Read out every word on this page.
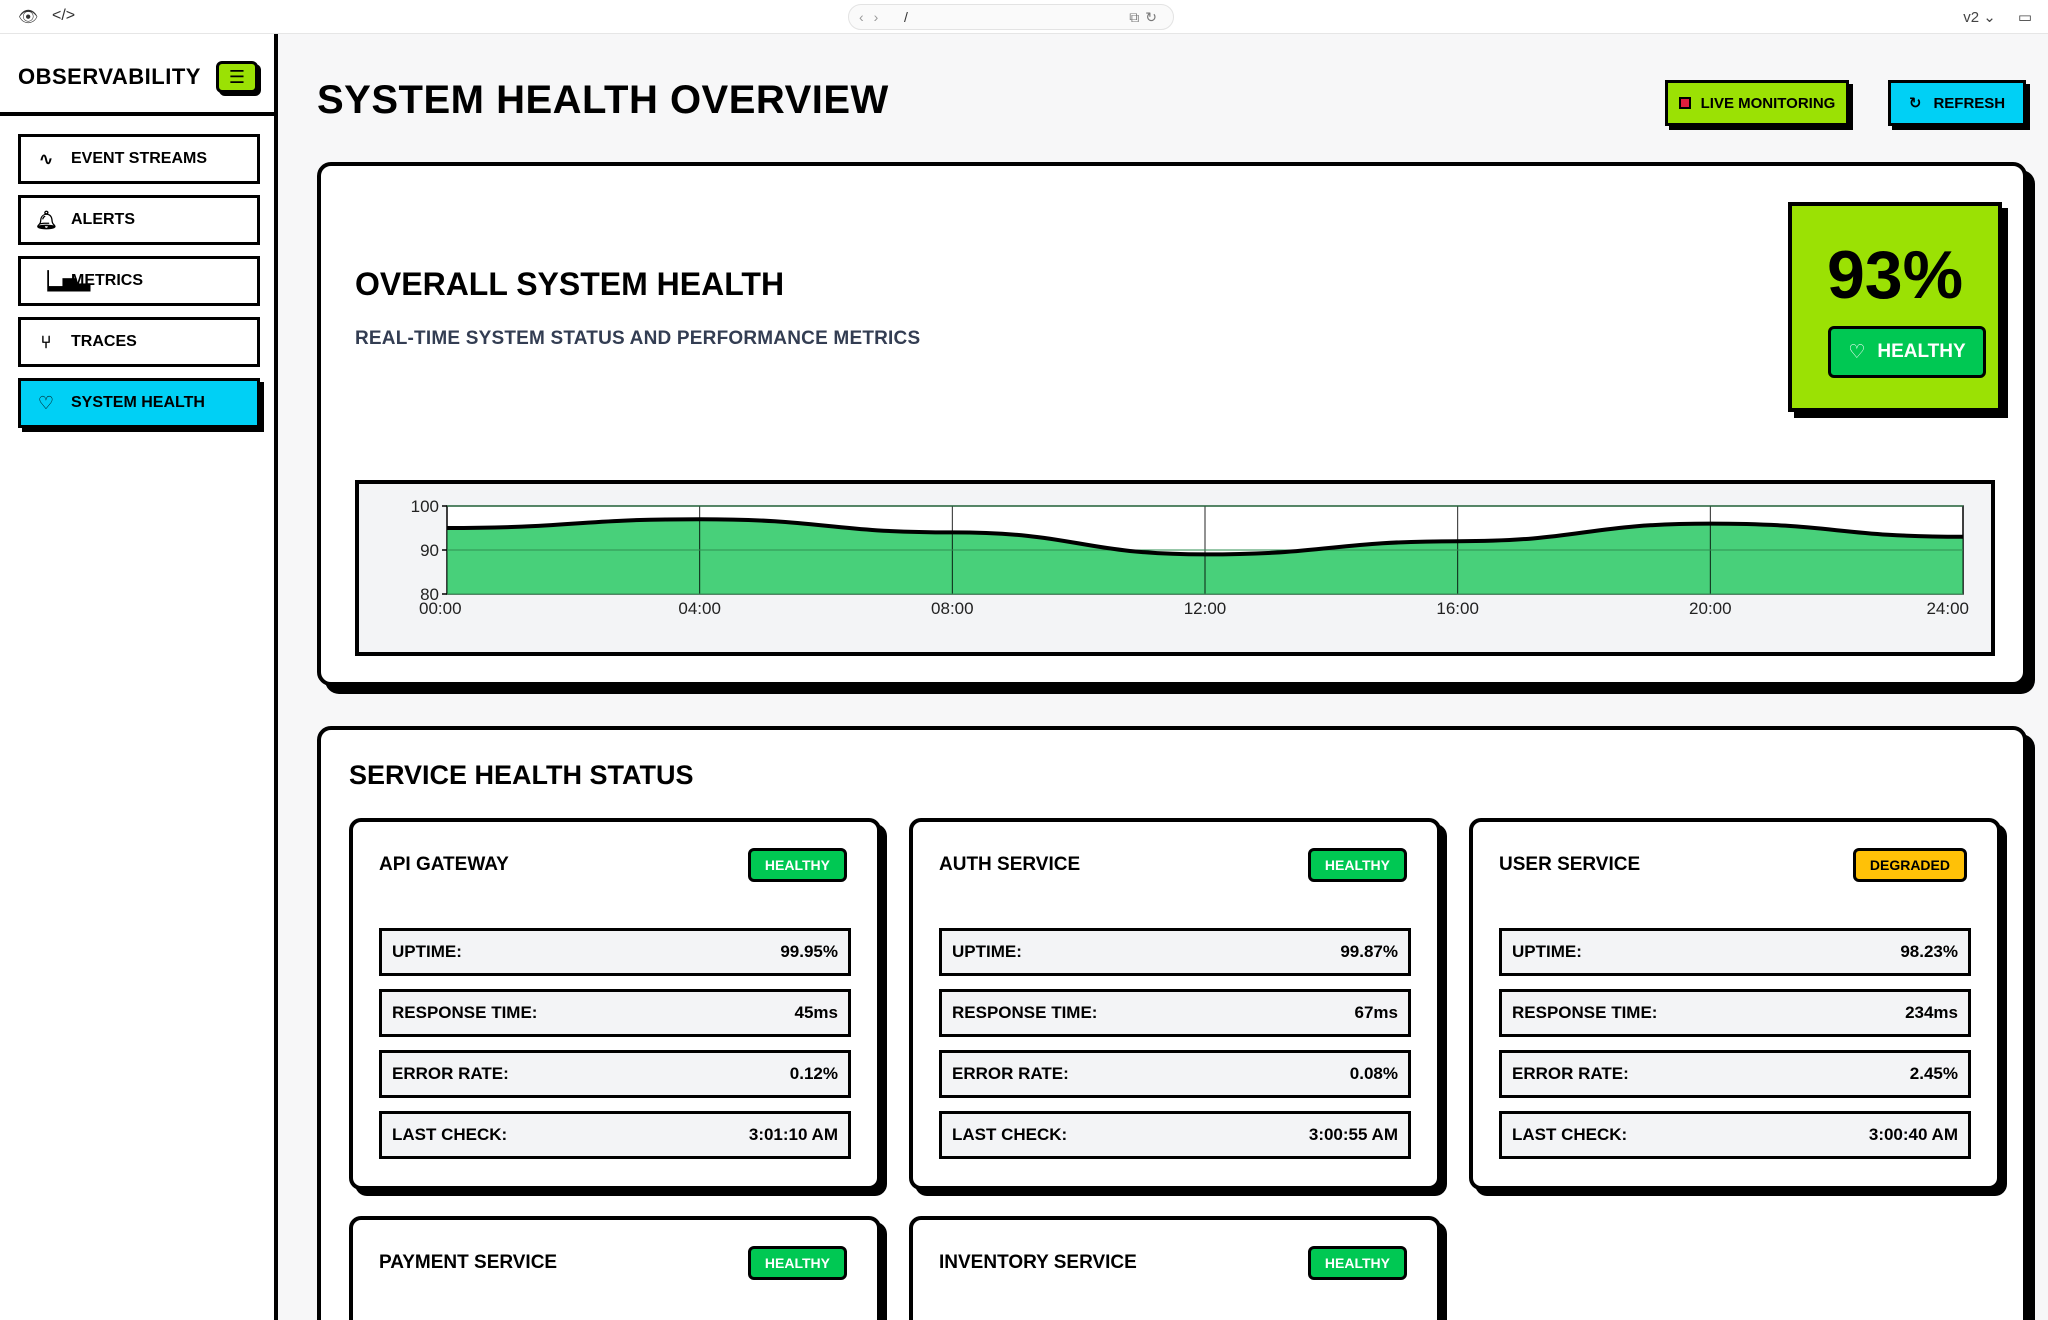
👁 </>	‹› /	⧉↻	v2 ⌄ ▭
OBSERVABILITY	☰
∿ EVENT STREAMS
🔔︎ ALERTS
▕▂▅▃
METRICS
⑂	TRACES
♡ SYSTEM HEALTH
SYSTEM HEALTH OVERVIEW	LIVE MONITORING	↻ REFRESH
OVERALL SYSTEM HEALTH

REAL-TIME SYSTEM STATUS AND PERFORMANCE METRICS

93%
♡ HEALTHY
80
90
100
00:00	04:00	08:00	12:00	16:00	20:00	24:00
SERVICE HEALTH STATUS
API GATEWAY	HEALTHY
UPTIME:	99.95%
RESPONSE TIME:	45ms
ERROR RATE:	0.12%
LAST CHECK:	3:01:10 AM
AUTH SERVICE	HEALTHY
UPTIME:	99.87%
RESPONSE TIME:	67ms
ERROR RATE:	0.08%
LAST CHECK:	3:00:55 AM
USER SERVICE	DEGRADED
UPTIME:	98.23%
RESPONSE TIME:	234ms
ERROR RATE:	2.45%
LAST CHECK:	3:00:40 AM
PAYMENT SERVICE	HEALTHY	INVENTORY SERVICE	HEALTHY
